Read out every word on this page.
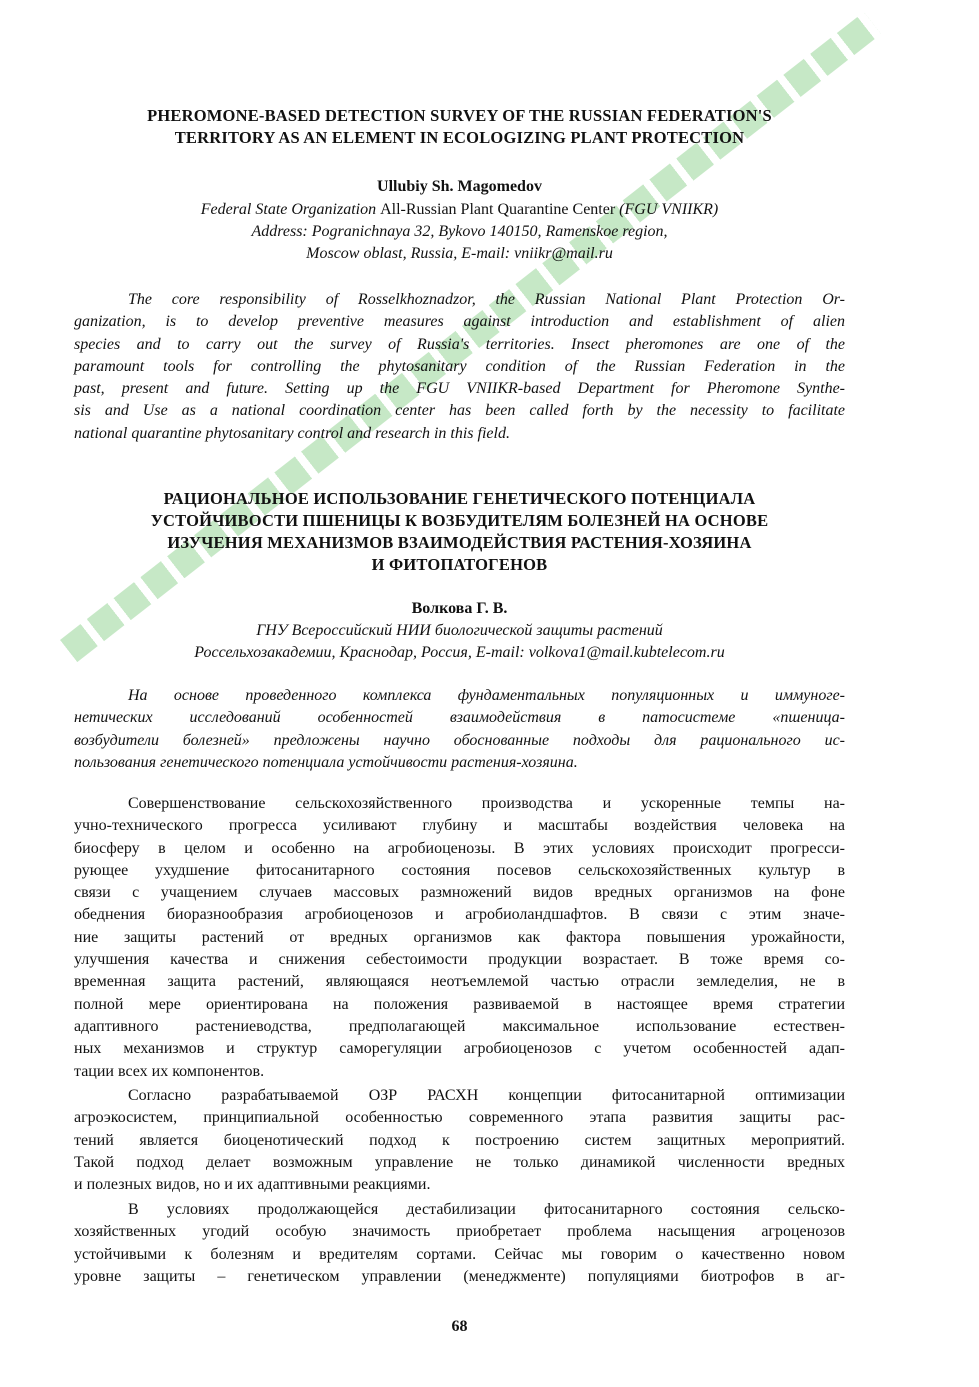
PHEROMONE-BASED DETECTION SURVEY OF THE RUSSIAN FEDERATION'S
TERRITORY AS AN ELEMENT IN ECOLOGIZING PLANT PROTECTION
Ullubiy Sh. Magomedov
Federal State Organization All-Russian Plant Quarantine Center (FGU VNIIKR)
Address: Pogranichnaya 32, Bykovo 140150, Ramenskoe region,
Moscow oblast, Russia, E-mail: vniikr@mail.ru
The core responsibility of Rosselkhoznadzor, the Russian National Plant Protection Or-
ganization, is to develop preventive measures against introduction and establishment of alien
species and to carry out the survey of Russia's territories. Insect pheromones are one of the
paramount tools for controlling the phytosanitary condition of the Russian Federation in the
past, present and future. Setting up the FGU VNIIKR-based Department for Pheromone Synthe-
sis and Use as a national coordination center has been called forth by the necessity to facilitate
national quarantine phytosanitary control and research in this field.
РАЦИОНАЛЬНОЕ ИСПОЛЬЗОВАНИЕ ГЕНЕТИЧЕСКОГО ПОТЕНЦИАЛА
УСТОЙЧИВОСТИ ПШЕНИЦЫ К ВОЗБУДИТЕЛЯМ БОЛЕЗНЕЙ НА ОСНОВЕ
ИЗУЧЕНИЯ МЕХАНИЗМОВ ВЗАИМОДЕЙСТВИЯ РАСТЕНИЯ-ХОЗЯИНА
И ФИТОПАТОГЕНОВ
Волкова Г. В.
ГНУ Всероссийский НИИ биологической защиты растений
Россельхозакадемии, Краснодар, Россия, E-mail: volkova1@mail.kubtelecom.ru
На основе проведенного комплекса фундаментальных популяционных и иммуноге-
нетических исследований особенностей взаимодействия в патосистеме «пшеница-
возбудители болезней» предложены научно обоснованные подходы для рационального ис-
пользования генетического потенциала устойчивости растения-хозяина.
Совершенствование сельскохозяйственного производства и ускоренные темпы на-
учно-технического прогресса усиливают глубину и масштабы воздействия человека на
биосферу в целом и особенно на агробиоценозы. В этих условиях происходит прогресси-
рующее ухудшение фитосанитарного состояния посевов сельскохозяйственных культур в
связи с учащением случаев массовых размножений видов вредных организмов на фоне
обеднения биоразнообразия агробиоценозов и агробиоландшафтов. В связи с этим значе-
ние защиты растений от вредных организмов как фактора повышения урожайности,
улучшения качества и снижения себестоимости продукции возрастает. В тоже время со-
временная защита растений, являющаяся неотъемлемой частью отрасли земледелия, не в
полной мере ориентирована на положения развиваемой в настоящее время стратегии
адаптивного растениеводства, предполагающей максимальное использование естествен-
ных механизмов и структур саморегуляции агробиоценозов с учетом особенностей адап-
тации всех их компонентов.
Согласно разрабатываемой ОЗР РАСХН концепции фитосанитарной оптимизации
агроэкосистем, принципиальной особенностью современного этапа развития защиты рас-
тений является биоценотический подход к построению систем защитных мероприятий.
Такой подход делает возможным управление не только динамикой численности вредных
и полезных видов, но и их адаптивными реакциями.
В условиях продолжающейся дестабилизации фитосанитарного состояния сельско-
хозяйственных угодий особую значимость приобретает проблема насыщения агроценозов
устойчивыми к болезням и вредителям сортами. Сейчас мы говорим о качественно новом
уровне защиты – генетическом управлении (менеджменте) популяциями биотрофов в аг-
68
